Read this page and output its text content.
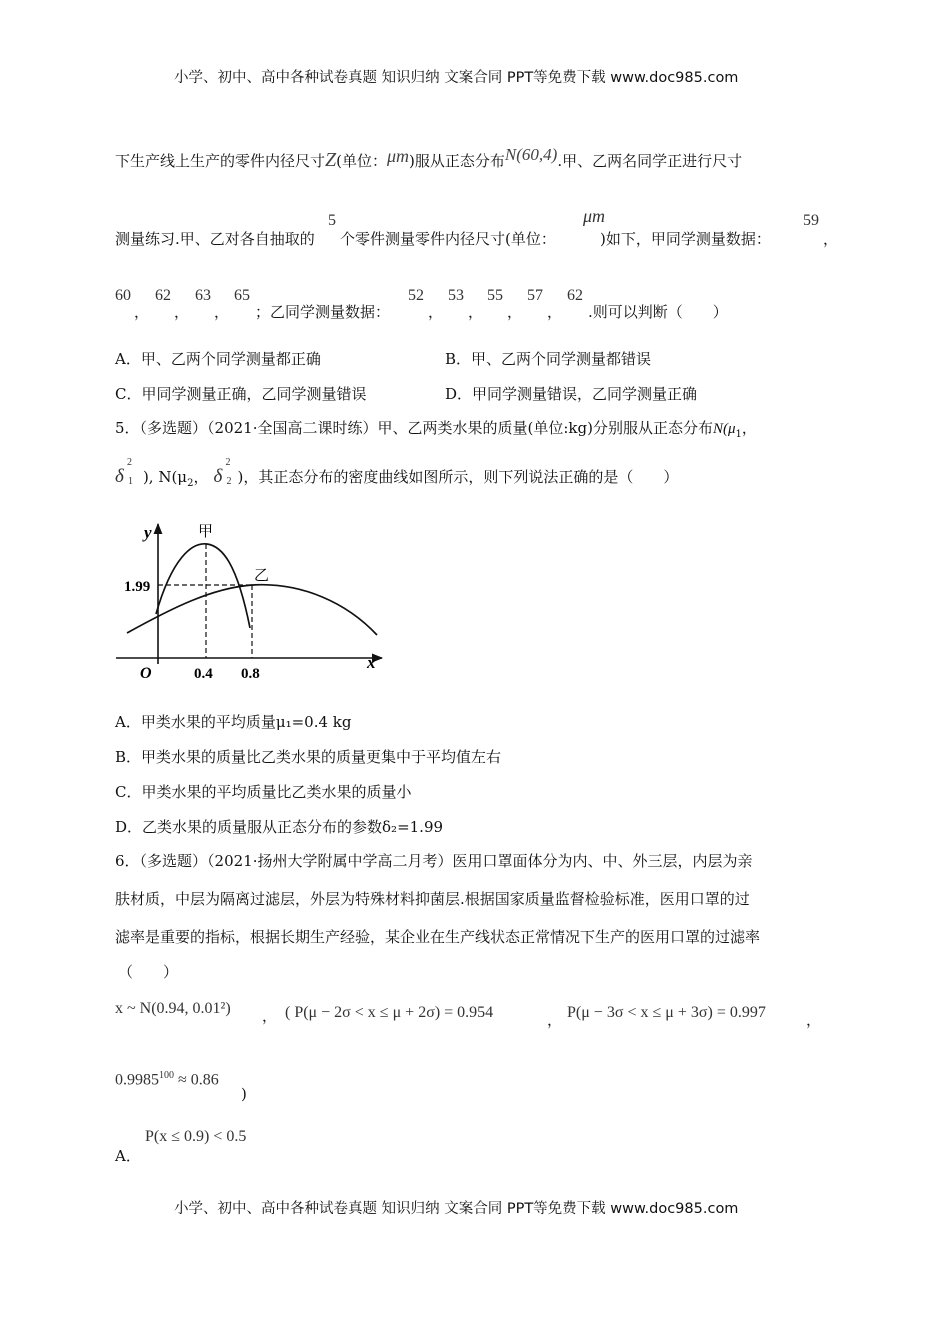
小学、初中、高中各种试卷真题 知识归纳 文案合同 PPT等免费下载 www.doc985.com
下生产线上生产的零件内径尺寸Z(单位：μm)服从正态分布N(60,4).甲、乙两名同学正进行尺寸
测量练习.甲、乙对各自抽取的
5
个零件测量零件内径尺寸(单位：
μm
)如下，甲同学测量数据：
59
，
60
，
62
，
63
，
65
；乙同学测量数据：
52
，
53
，
55
，
57
，
62
.则可以判断（　　）
A．甲、乙两个同学测量都正确	B．甲、乙两个同学测量都错误
C．甲同学测量正确，乙同学测量错误	D．甲同学测量错误，乙同学测量正确
5．（多选题）（2021·全国高二课时练）甲、乙两类水果的质量(单位:kg)分别服从正态分布$N(\mu_1$，
δ
2
1 ), $N(\mu_2$， δ
2
2 )，其正态分布的密度曲线如图所示，则下列说法正确的是（　　）
y
x
O
甲
乙
1.99
0.4 0.8
A．甲类水果的平均质量μ₁=0.4 kg
B．甲类水果的质量比乙类水果的质量更集中于平均值左右
C．甲类水果的平均质量比乙类水果的质量小
D．乙类水果的质量服从正态分布的参数δ₂=1.99
6．（多选题）（2021·扬州大学附属中学高二月考）医用口罩面体分为内、中、外三层，内层为亲
肤材质，中层为隔离过滤层，外层为特殊材料抑菌层.根据国家质量监督检验标准，医用口罩的过
滤率是重要的指标，根据长期生产经验，某企业在生产线状态正常情况下生产的医用口罩的过滤率
（　　）
x ~ N(0.94, 0.01²) ， ( P(μ − 2σ < x ≤ μ + 2σ) = 0.954	， P(μ − 3σ < x ≤ μ + 3σ) = 0.997	，
$0.9985^{100} \approx 0.86$
)
P(x ≤ 0.9) < 0.5
A．
小学、初中、高中各种试卷真题 知识归纳 文案合同 PPT等免费下载 www.doc985.com
